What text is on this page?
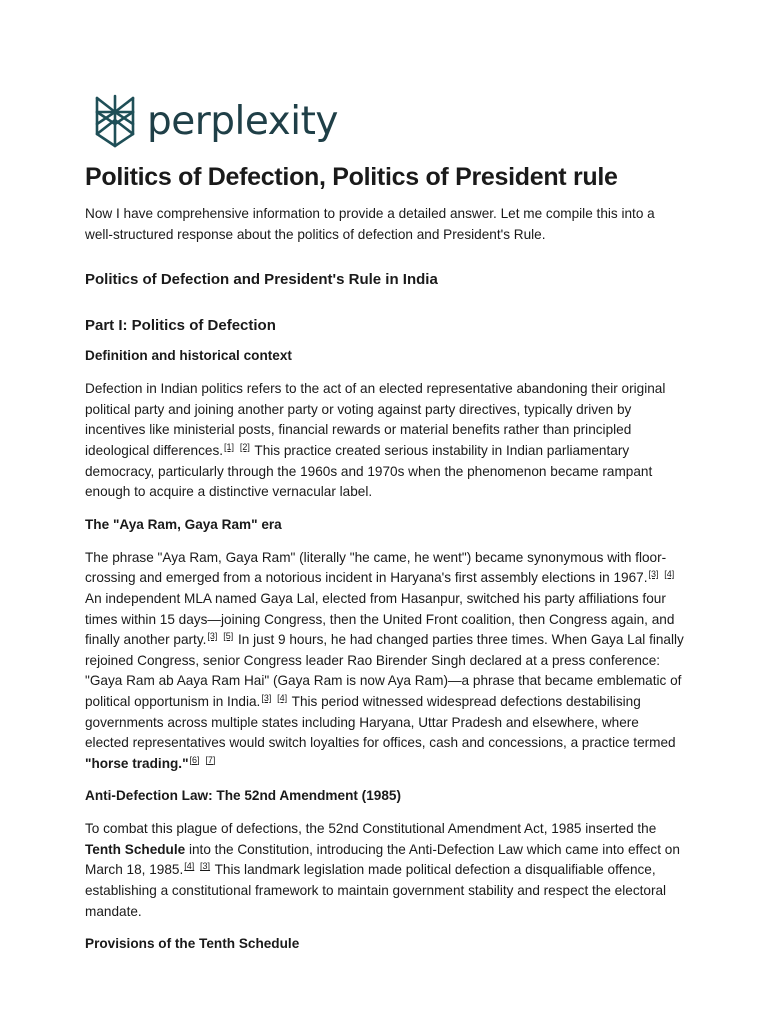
perplexity
Politics of Defection, Politics of President rule

Now I have comprehensive information to provide a detailed answer. Let me compile this into a well-structured response about the politics of defection and President's Rule.

Politics of Defection and President's Rule in India
Part I: Politics of Defection
Definition and historical context

Defection in Indian politics refers to the act of an elected representative abandoning their original political party and joining another party or voting against party directives, typically driven by incentives like ministerial posts, financial rewards or material benefits rather than principled ideological differences.[1] [2] This practice created serious instability in Indian parliamentary democracy, particularly through the 1960s and 1970s when the phenomenon became rampant enough to acquire a distinctive vernacular label.

The "Aya Ram, Gaya Ram" era

The phrase "Aya Ram, Gaya Ram" (literally "he came, he went") became synonymous with floor-crossing and emerged from a notorious incident in Haryana's first assembly elections in 1967.[3] [4] An independent MLA named Gaya Lal, elected from Hasanpur, switched his party affiliations four times within 15 days—joining Congress, then the United Front coalition, then Congress again, and finally another party.[3] [5] In just 9 hours, he had changed parties three times. When Gaya Lal finally rejoined Congress, senior Congress leader Rao Birender Singh declared at a press conference: "Gaya Ram ab Aaya Ram Hai" (Gaya Ram is now Aya Ram)—a phrase that became emblematic of political opportunism in India.[3] [4] This period witnessed widespread defections destabilising governments across multiple states including Haryana, Uttar Pradesh and elsewhere, where elected representatives would switch loyalties for offices, cash and concessions, a practice termed "horse trading."[6] [7]

Anti-Defection Law: The 52nd Amendment (1985)

To combat this plague of defections, the 52nd Constitutional Amendment Act, 1985 inserted the Tenth Schedule into the Constitution, introducing the Anti-Defection Law which came into effect on March 18, 1985.[4] [3] This landmark legislation made political defection a disqualifiable offence, establishing a constitutional framework to maintain government stability and respect the electoral mandate.

Provisions of the Tenth Schedule
